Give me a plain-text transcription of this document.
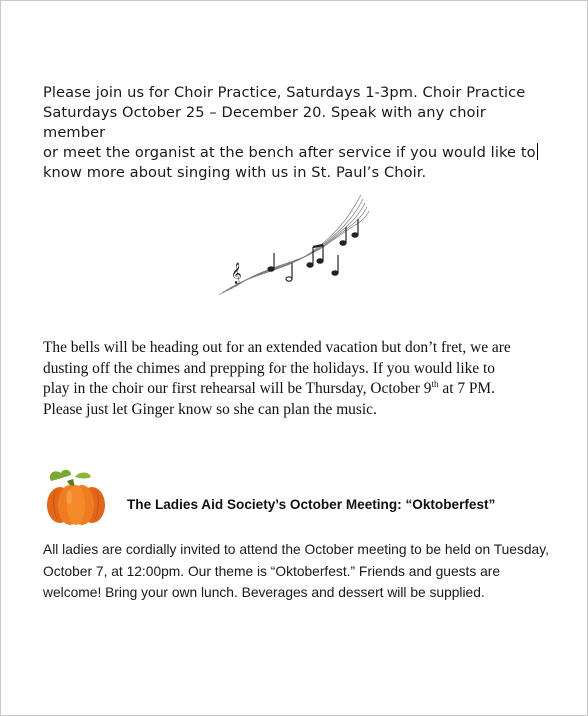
Please join us for Choir Practice, Saturdays 1-3pm. Choir Practice

Saturdays October 25 – December 20. Speak with any choir member

or meet the organist at the bench after service if you would like to

know more about singing with us in St. Paul’s Choir.

𝄞

The bells will be heading out for an extended vacation but don’t fret, we are

dusting off the chimes and prepping for the holidays. If you would like to

play in the choir our first rehearsal will be Thursday, October 9th at 7 PM.

Please just let Ginger know so she can plan the music.

The Ladies Aid Society’s October Meeting: “Oktoberfest”

All ladies are cordially invited to attend the October meeting to be held on Tuesday,

October 7, at 12:00pm. Our theme is “Oktoberfest.” Friends and guests are

welcome! Bring your own lunch. Beverages and dessert will be supplied.
